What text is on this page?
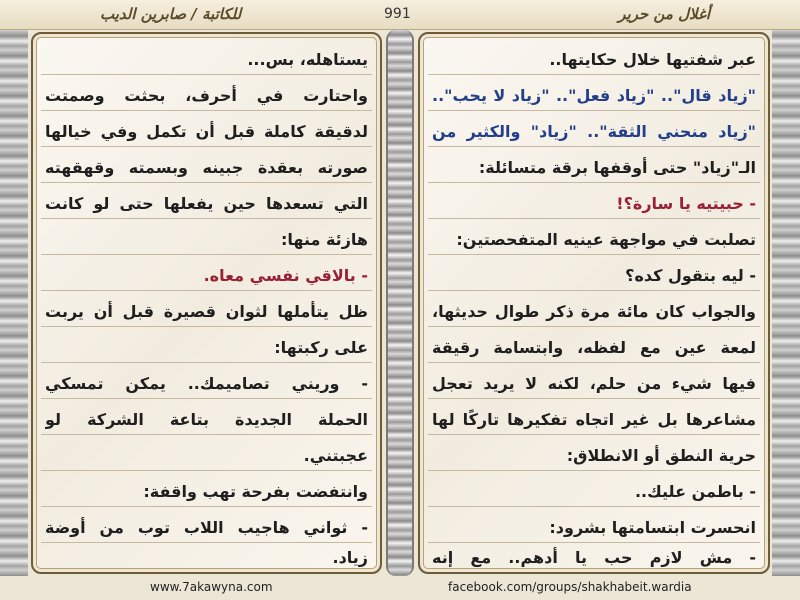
أغلال من حرير
991
للكاتبة / صابرين الديب
يستاهله، بس...
واحتارت في أحرف، بحثت وصمتت
لدقيقة كاملة قبل أن تكمل وفي خيالها
صورته بعقدة جبينه وبسمته وقهقهته
التي تسعدها حين يفعلها حتى لو كانت
هازئة منها:
- بالاقي نفسي معاه.
ظل يتأملها لثوان قصيرة قبل أن يربت
على ركبتها:
- وريني تصاميمك.. يمكن تمسكي
الحملة الجديدة بتاعة الشركة لو
عجبتني.
وانتفضت بفرحة تهب واقفة:
- ثواني هاجيب اللاب توب من أوضة
زياد.
عبر شفتيها خلال حكايتها..
"زياد قال".. "زياد فعل".. "زياد لا يحب"..
"زياد منحني الثقة".. "زياد" والكثير من
الـ"زياد" حتى أوقفها برقة متسائلة:
- حبيتيه يا سارة؟!
تصلبت في مواجهة عينيه المتفحصتين:
- ليه بتقول كده؟
والجواب كان مائة مرة ذكر طوال حديثها،
لمعة عين مع لفظه، وابتسامة رقيقة
فيها شيء من حلم، لكنه لا يريد تعجل
مشاعرها بل غير اتجاه تفكيرها تاركًا لها
حرية النطق أو الانطلاق:
- باطمن عليك..
انحسرت ابتسامتها بشرود:
- مش لازم حب يا أدهم.. مع إنه
www.7akawyna.com	facebook.com/groups/shakhabeit.wardia
